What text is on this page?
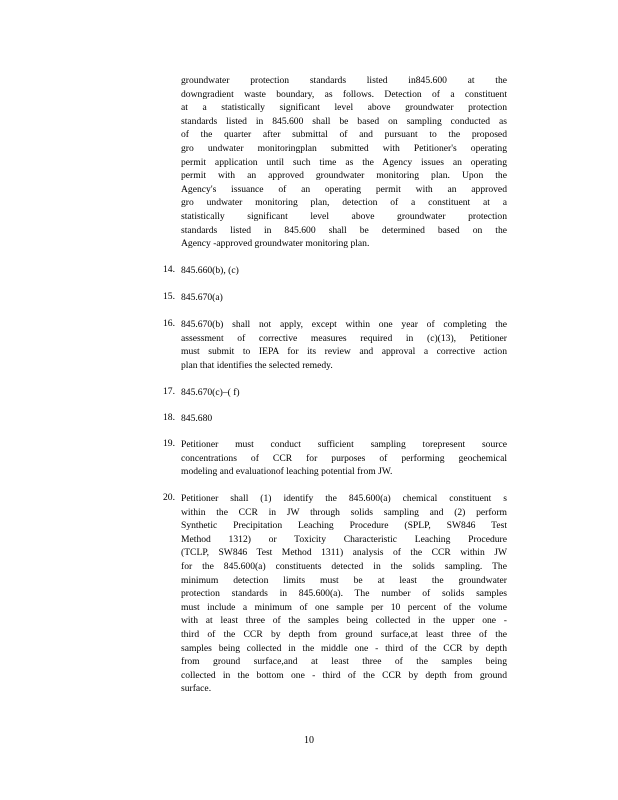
groundwater protection standards listed in845.600 at the
downgradient waste boundary, as follows. Detection of a constituent
at a statistically significant level above groundwater protection
standards listed in 845.600 shall be based on sampling conducted as
of the quarter after submittal of and pursuant to the proposed
gro undwater monitoringplan submitted with Petitioner's operating
permit application until such time as the Agency issues an operating
permit with an approved groundwater monitoring plan. Upon the
Agency's issuance of an operating permit with an approved
gro undwater monitoring plan, detection of a constituent at a
statistically significant level above groundwater protection
standards listed in 845.600 shall be determined based on the
Agency -approved groundwater monitoring plan.
14. 845.660(b), (c)
15. 845.670(a)
16. 845.670(b) shall not apply, except within one year of completing the
assessment of corrective measures required in (c)(13), Petitioner
must submit to IEPA for its review and approval a corrective action
plan that identifies the selected remedy.
17. 845.670(c)–( f)
18. 845.680
19. Petitioner must conduct sufficient sampling torepresent source
concentrations of CCR for purposes of performing geochemical
modeling and evaluationof leaching potential from JW.
20. Petitioner shall (1) identify the 845.600(a) chemical constituent s
within the CCR in JW through solids sampling and (2) perform
Synthetic Precipitation Leaching Procedure (SPLP, SW846 Test
Method 1312) or Toxicity Characteristic Leaching Procedure
(TCLP, SW846 Test Method 1311) analysis of the CCR within JW
for the 845.600(a) constituents detected in the solids sampling. The
minimum detection limits must be at least the groundwater
protection standards in 845.600(a). The number of solids samples
must include a minimum of one sample per 10 percent of the volume
with at least three of the samples being collected in the upper one -
third of the CCR by depth from ground surface,at least three of the
samples being collected in the middle one - third of the CCR by depth
from ground surface,and at least three of the samples being
collected in the bottom one - third of the CCR by depth from ground
surface.
10
